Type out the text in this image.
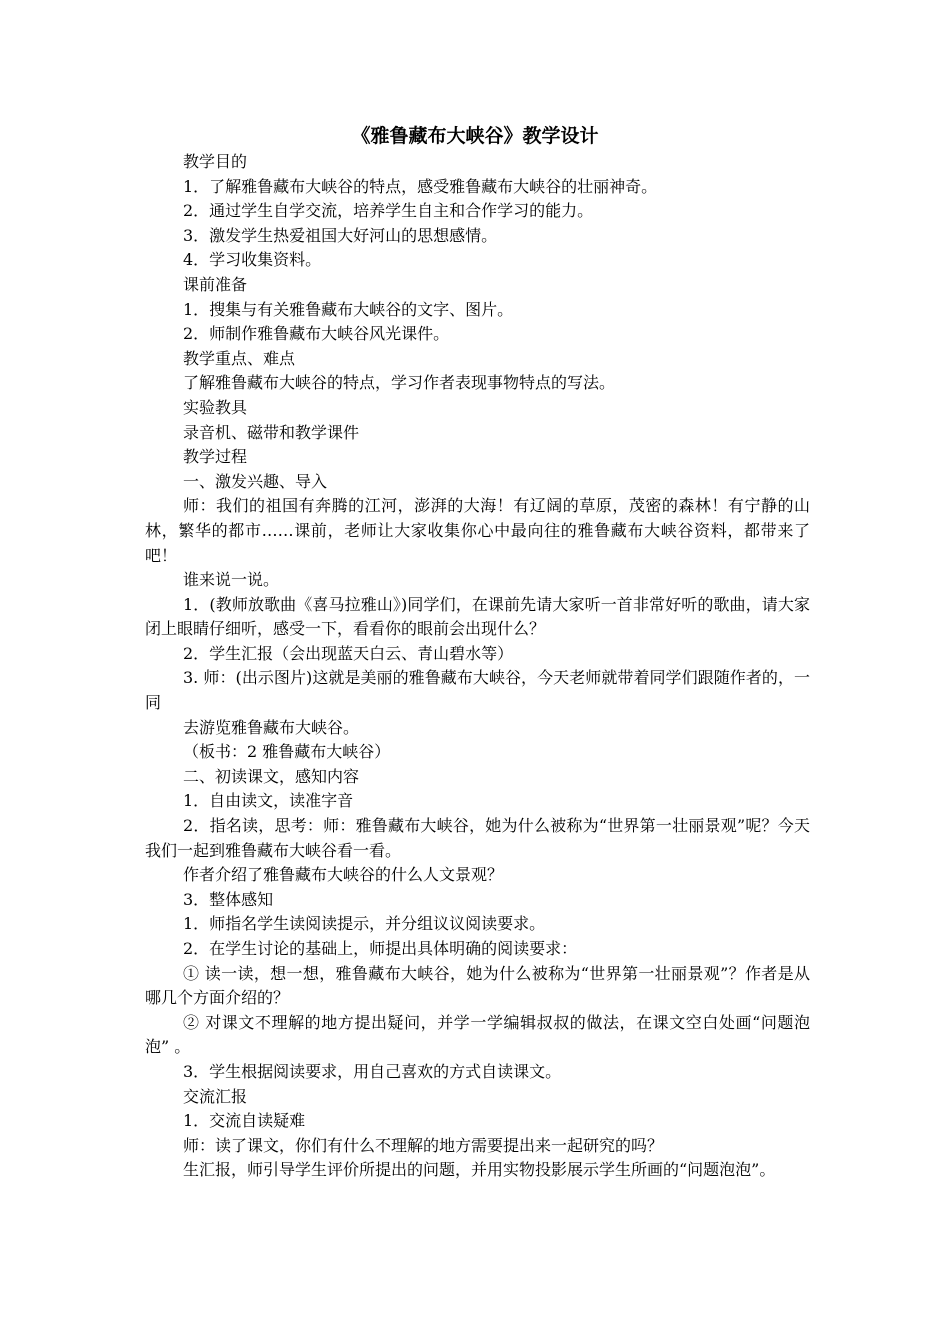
《雅鲁藏布大峡谷》教学设计

教学目的

1．了解雅鲁藏布大峡谷的特点，感受雅鲁藏布大峡谷的壮丽神奇。

2．通过学生自学交流，培养学生自主和合作学习的能力。

3．激发学生热爱祖国大好河山的思想感情。

4．学习收集资料。

课前准备

1．搜集与有关雅鲁藏布大峡谷的文字、图片。

2．师制作雅鲁藏布大峡谷风光课件。

教学重点、难点

了解雅鲁藏布大峡谷的特点，学习作者表现事物特点的写法。

实验教具

录音机、磁带和教学课件

教学过程

一、激发兴趣、导入

师：我们的祖国有奔腾的江河，澎湃的大海！有辽阔的草原，茂密的森林！有宁静的山林，繁华的都市……课前，老师让大家收集你心中最向往的雅鲁藏布大峡谷资料，都带来了吧！

谁来说一说。

1．(教师放歌曲《喜马拉雅山》)同学们，在课前先请大家听一首非常好听的歌曲，请大家闭上眼睛仔细听，感受一下，看看你的眼前会出现什么？

2．学生汇报（会出现蓝天白云、青山碧水等）

3. 师：(出示图片)这就是美丽的雅鲁藏布大峡谷，今天老师就带着同学们跟随作者的，一同

去游览雅鲁藏布大峡谷。

（板书：2 雅鲁藏布大峡谷）

二、初读课文，感知内容

1．自由读文，读准字音

2．指名读，思考：师：雅鲁藏布大峡谷，她为什么被称为“世界第一壮丽景观”呢？今天我们一起到雅鲁藏布大峡谷看一看。

作者介绍了雅鲁藏布大峡谷的什么人文景观？

3．整体感知

1．师指名学生读阅读提示，并分组议议阅读要求。

2．在学生讨论的基础上，师提出具体明确的阅读要求：

① 读一读，想一想，雅鲁藏布大峡谷，她为什么被称为“世界第一壮丽景观”？作者是从哪几个方面介绍的？

② 对课文不理解的地方提出疑问，并学一学编辑叔叔的做法，在课文空白处画“问题泡泡” 。

3．学生根据阅读要求，用自己喜欢的方式自读课文。

交流汇报

1．交流自读疑难

师：读了课文，你们有什么不理解的地方需要提出来一起研究的吗？

生汇报，师引导学生评价所提出的问题，并用实物投影展示学生所画的“问题泡泡”。
